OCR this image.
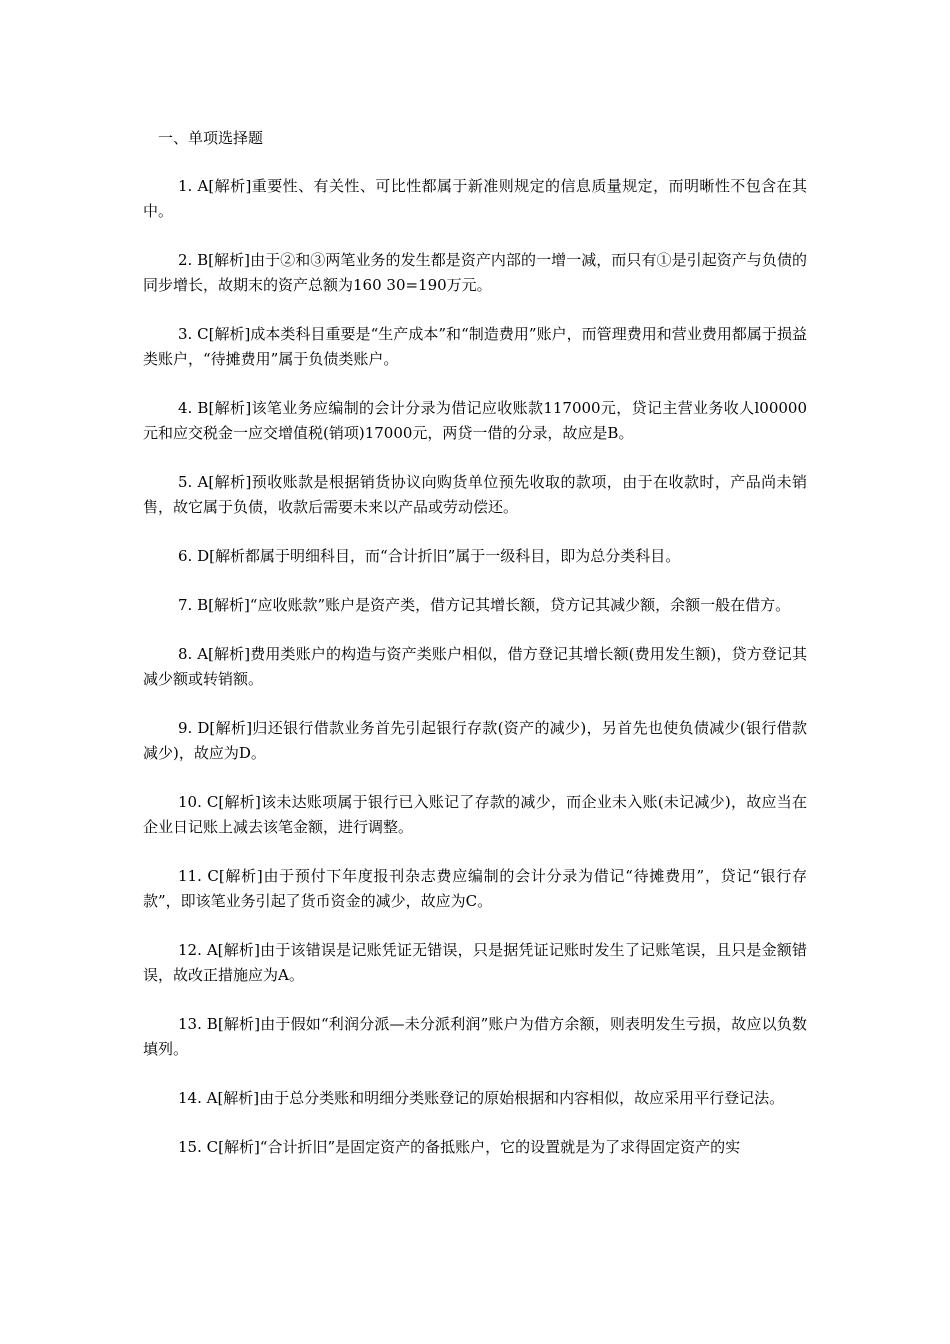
一、单项选择题

1. A[解析]重要性、有关性、可比性都属于新准则规定的信息质量规定，而明晰性不包含在其中。

2. B[解析]由于②和③两笔业务的发生都是资产内部的一增一减，而只有①是引起资产与负债的同步增长，故期末的资产总额为160 30=190万元。

3. C[解析]成本类科目重要是“生产成本”和“制造费用”账户，而管理费用和营业费用都属于损益类账户，“待摊费用”属于负债类账户。

4. B[解析]该笔业务应编制的会计分录为借记应收账款117000元，贷记主营业务收人l00000元和应交税金一应交增值税(销项)17000元，两贷一借的分录，故应是B。

5. A[解析]预收账款是根据销货协议向购货单位预先收取的款项，由于在收款时，产品尚未销售，故它属于负债，收款后需要未来以产品或劳动偿还。

6. D[解析都属于明细科目，而“合计折旧”属于一级科目，即为总分类科目。

7. B[解析]“应收账款”账户是资产类，借方记其增长额，贷方记其减少额，余额一般在借方。

8. A[解析]费用类账户的构造与资产类账户相似，借方登记其增长额(费用发生额)，贷方登记其减少额或转销额。

9. D[解析]归还银行借款业务首先引起银行存款(资产的减少)，另首先也使负债减少(银行借款减少)，故应为D。

10. C[解析]该未达账项属于银行已入账记了存款的减少，而企业未入账(未记减少)，故应当在企业日记账上减去该笔金额，进行调整。

11. C[解析]由于预付下年度报刊杂志费应编制的会计分录为借记“待摊费用”，贷记“银行存款”，即该笔业务引起了货币资金的减少，故应为C。

12. A[解析]由于该错误是记账凭证无错误，只是据凭证记账时发生了记账笔误，且只是金额错误，故改正措施应为A。

13. B[解析]由于假如“利润分派—未分派利润”账户为借方余额，则表明发生亏损，故应以负数填列。

14. A[解析]由于总分类账和明细分类账登记的原始根据和内容相似，故应采用平行登记法。

15. C[解析]“合计折旧”是固定资产的备抵账户，它的设置就是为了求得固定资产的实
